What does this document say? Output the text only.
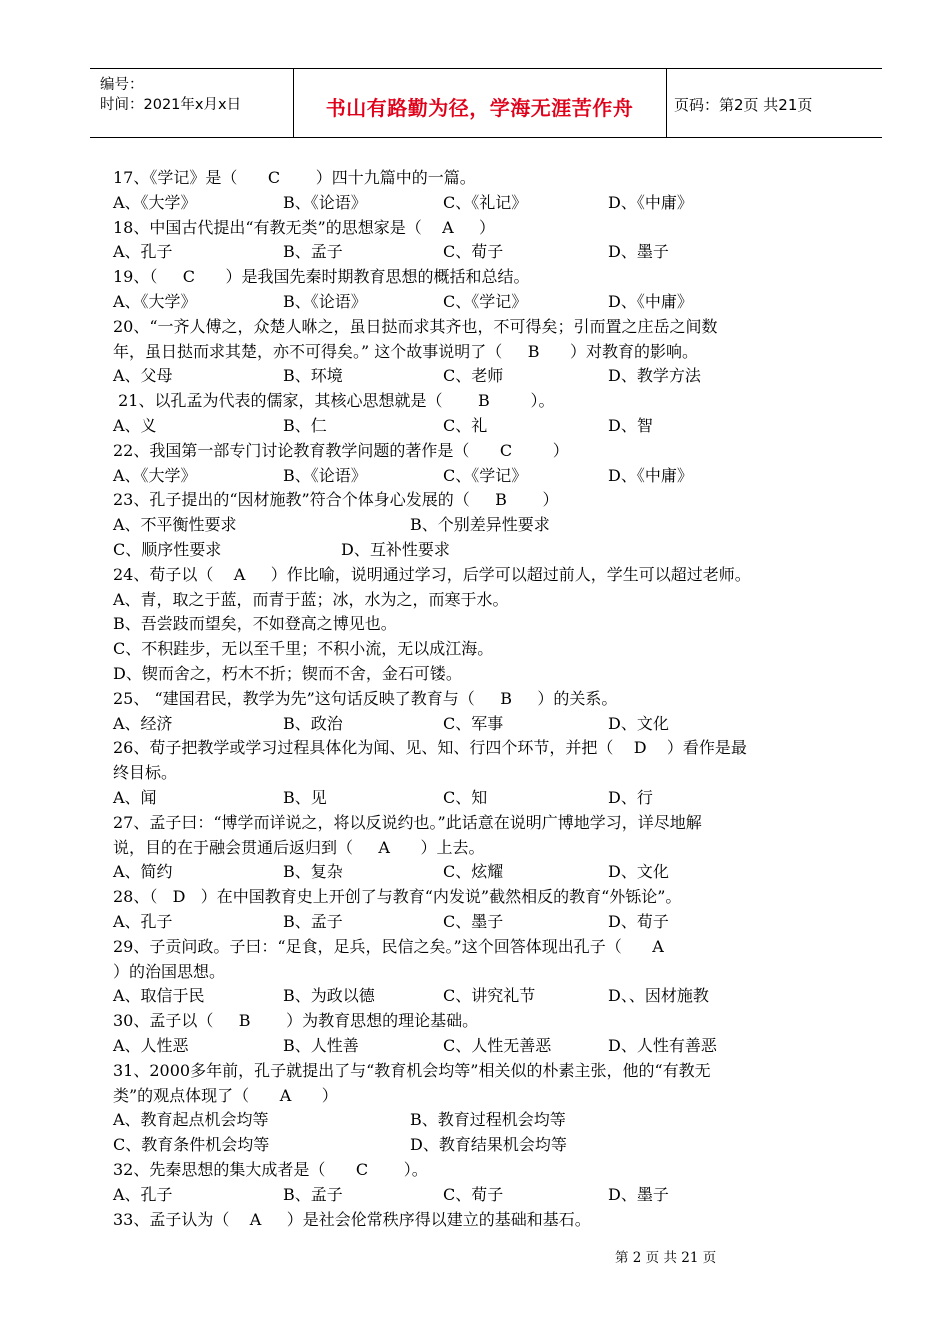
编号：
时间：2021年x月x日	书山有路勤为径，学海无涯苦作舟	页码：第2页 共21页
17、《学记》是（      C       ）四十九篇中的一篇。
A、《大学》	B、《论语》	C、《礼记》	D、《中庸》
18、中国古代提出“有教无类”的思想家是（    A     ）
A、孔子	B、孟子	C、荀子	D、墨子
19、（     C      ）是我国先秦时期教育思想的概括和总结。
A、《大学》	B、《论语》	C、《学记》	D、《中庸》
20、“一齐人傅之，众楚人咻之，虽日挞而求其齐也，不可得矣；引而置之庄岳之间数
年，虽日挞而求其楚，亦不可得矣。” 这个故事说明了（     B      ）对教育的影响。
A、父母	B、环境	C、老师	D、教学方法
21、以孔孟为代表的儒家，其核心思想就是（       B        ）。
A、义	B、仁	C、礼	D、智
22、我国第一部专门讨论教育教学问题的著作是（      C        ）
A、《大学》	B、《论语》	C、《学记》	D、《中庸》
23、孔子提出的“因材施教”符合个体身心发展的（     B       ）
A、不平衡性要求	B、个别差异性要求
C、顺序性要求	D、互补性要求
24、荀子以（    A     ）作比喻，说明通过学习，后学可以超过前人，学生可以超过老师。
A、青，取之于蓝，而青于蓝；冰，水为之，而寒于水。
B、吾尝跂而望矣，不如登高之博见也。
C、不积跬步，无以至千里；不积小流，无以成江海。
D、锲而舍之，朽木不折；锲而不舍，金石可镂。
25、 “建国君民，教学为先”这句话反映了教育与（     B     ）的关系。
A、经济	B、政治	C、军事	D、文化
26、荀子把教学或学习过程具体化为闻、见、知、行四个环节，并把（    D    ）看作是最
终目标。
A、闻	B、见	C、知	D、行
27、孟子曰：“博学而详说之，将以反说约也。”此话意在说明广博地学习，详尽地解
说，目的在于融会贯通后返归到（     A      ）上去。
A、简约	B、复杂	C、炫耀	D、文化
28、（   D   ）在中国教育史上开创了与教育“内发说”截然相反的教育“外铄论”。
A、孔子	B、孟子	C、墨子	D、荀子
29、子贡问政。子曰：“足食，足兵，民信之矣。”这个回答体现出孔子（      A
）的治国思想。
A、取信于民	B、为政以德	C、讲究礼节	D、、因材施教
30、孟子以（     B       ）为教育思想的理论基础。
A、人性恶	B、人性善	C、人性无善恶	D、人性有善恶
31、2000多年前，孔子就提出了与“教育机会均等”相关似的朴素主张，他的“有教无
类”的观点体现了（      A      ）
A、教育起点机会均等	B、教育过程机会均等
C、教育条件机会均等	D、教育结果机会均等
32、先秦思想的集大成者是（      C       ）。
A、孔子	B、孟子	C、荀子	D、墨子
33、孟子认为（    A     ）是社会伦常秩序得以建立的基础和基石。
第 2 页 共 21 页
